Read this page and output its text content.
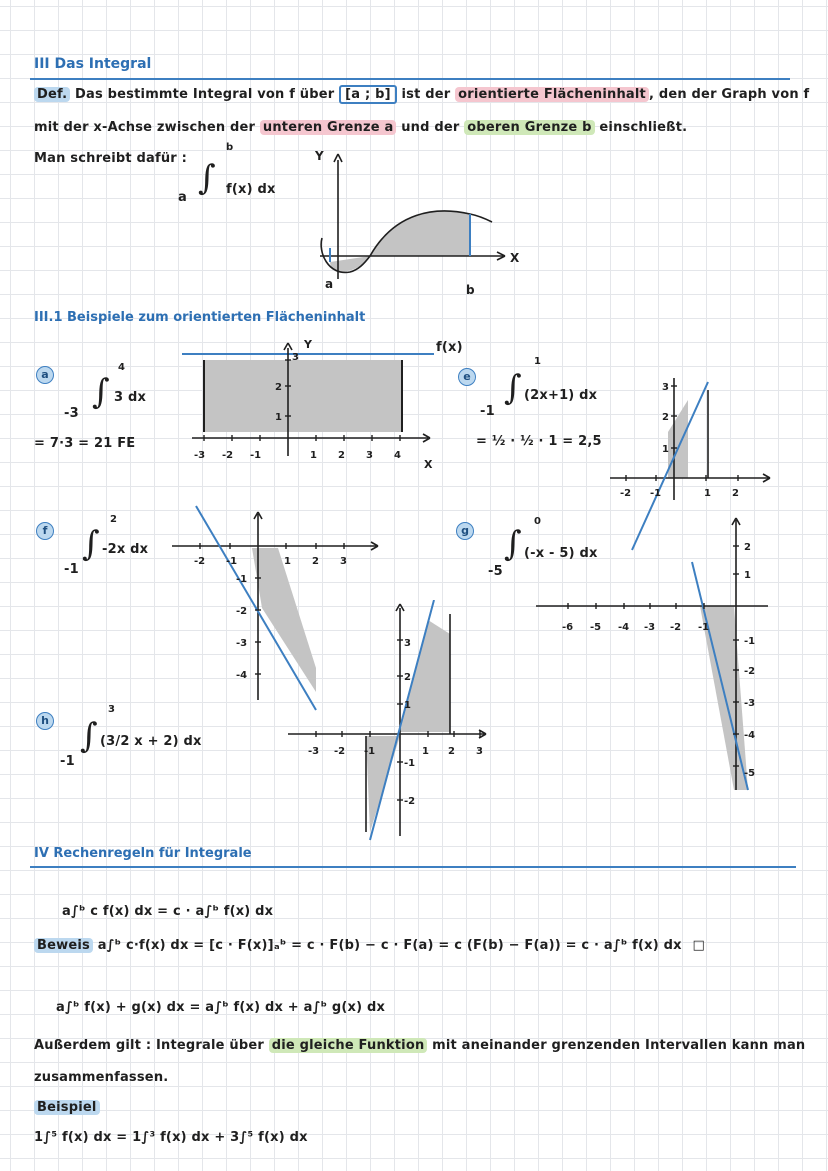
III Das Integral
Def. Das bestimmte Integral von f über [a ; b] ist der orientierte Flächeninhalt , den der Graph von f
mit der x-Achse zwischen der unteren Grenze a und der oberen Grenze b einschließt.
Man schreibt dafür :
b
∫
a
f(x) dx
Y
X
a	b
III.1 Beispiele zum orientierten Flächeninhalt
f(x)
a
4
∫ 3 dx
-3
= 7·3 = 21 FE
Y
X
-3 -2 -1	1 2 3 4
1
2
3
e
1
∫ (2x+1) dx
-1
= ½ · ½ · 1 = 2,5
-2 -1	1 2
1
2
3
f
2
∫ -2x dx
-1
-2 -1	1 2 3
-1
-2
-3
-4
g
0
∫ (-x - 5) dx
-5
-6 -5 -4 -3 -2 -1
2
1
-1
-2
-3
-4
-5
h
3
∫ (3/2 x + 2) dx
-1
-3 -2 -1	1 2 3
3
2
1
-1
-2
IV Rechenregeln für Integrale
a∫ᵇ c f(x) dx = c · a∫ᵇ f(x) dx
Beweis a∫ᵇ c·f(x) dx = [c · F(x)]ₐᵇ = c · F(b) − c · F(a) = c (F(b) − F(a)) = c · a∫ᵇ f(x) dx □
a∫ᵇ f(x) + g(x) dx = a∫ᵇ f(x) dx + a∫ᵇ g(x) dx
Außerdem gilt : Integrale über die gleiche Funktion mit aneinander grenzenden Intervallen kann man
zusammenfassen.
Beispiel
1∫⁵ f(x) dx = 1∫³ f(x) dx + 3∫⁵ f(x) dx
